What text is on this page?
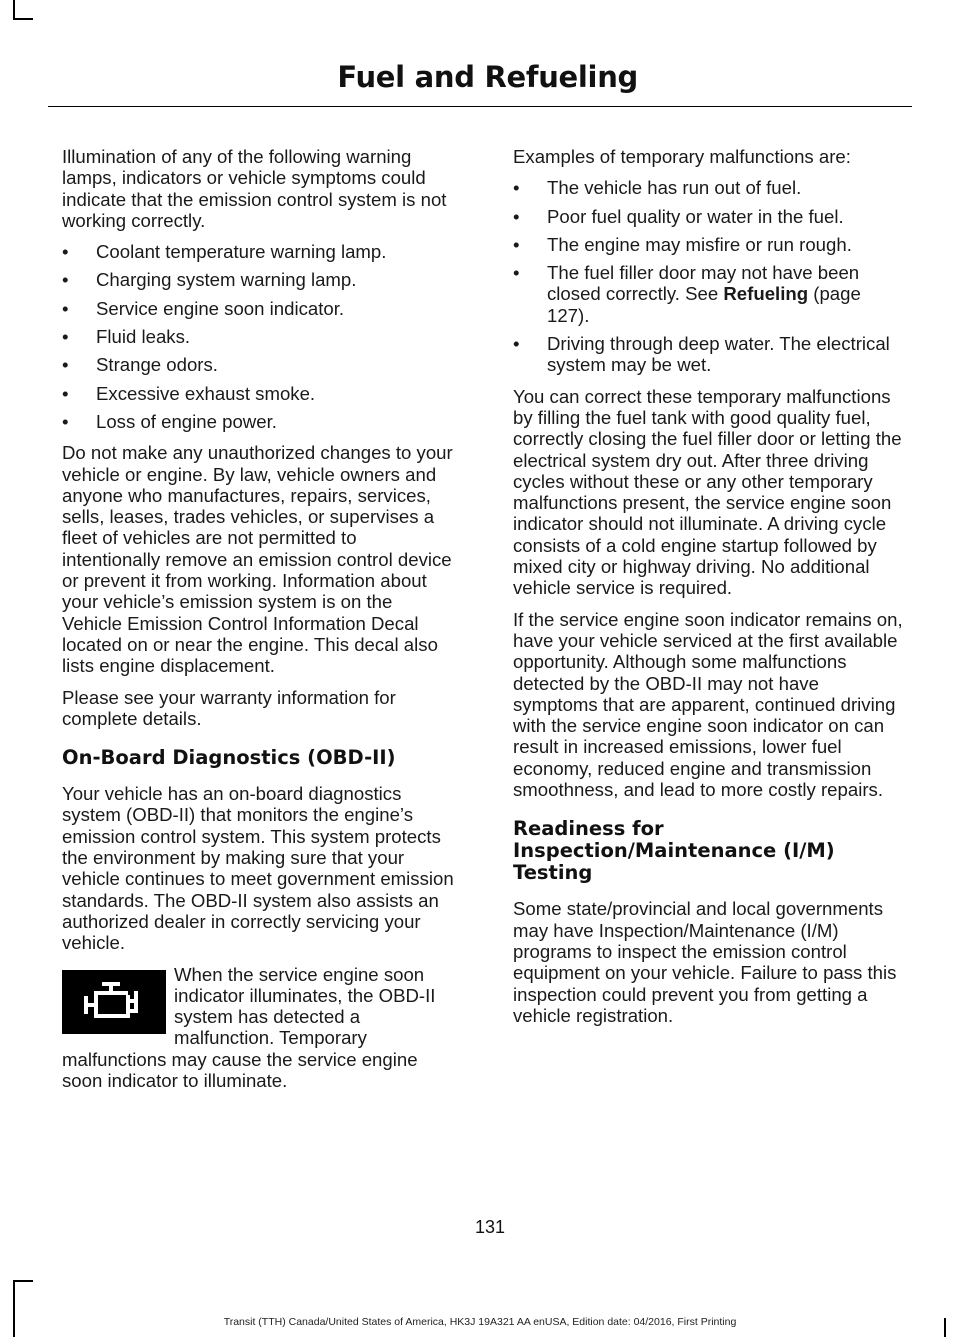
Fuel and Refueling

Illumination of any of the following warning lamps, indicators or vehicle symptoms could indicate that the emission control system is not working correctly.

• Coolant temperature warning lamp.
• Charging system warning lamp.
• Service engine soon indicator.
• Fluid leaks.
• Strange odors.
• Excessive exhaust smoke.
• Loss of engine power.

Do not make any unauthorized changes to your vehicle or engine. By law, vehicle owners and anyone who manufactures, repairs, services, sells, leases, trades vehicles, or supervises a fleet of vehicles are not permitted to intentionally remove an emission control device or prevent it from working. Information about your vehicle’s emission system is on the Vehicle Emission Control Information Decal located on or near the engine. This decal also lists engine displacement.

Please see your warranty information for complete details.

On-Board Diagnostics (OBD-II)

Your vehicle has an on-board diagnostics system (OBD-II) that monitors the engine’s emission control system. This system protects the environment by making sure that your vehicle continues to meet government emission standards. The OBD-II system also assists an authorized dealer in correctly servicing your vehicle.

When the service engine soon indicator illuminates, the OBD-II system has detected a malfunction. Temporary malfunctions may cause the service engine soon indicator to illuminate.

Examples of temporary malfunctions are:

• The vehicle has run out of fuel.
• Poor fuel quality or water in the fuel.
• The engine may misfire or run rough.
• The fuel filler door may not have been closed correctly. See Refueling (page 127).
• Driving through deep water. The electrical system may be wet.

You can correct these temporary malfunctions by filling the fuel tank with good quality fuel, correctly closing the fuel filler door or letting the electrical system dry out. After three driving cycles without these or any other temporary malfunctions present, the service engine soon indicator should not illuminate. A driving cycle consists of a cold engine startup followed by mixed city or highway driving. No additional vehicle service is required.

If the service engine soon indicator remains on, have your vehicle serviced at the first available opportunity. Although some malfunctions detected by the OBD-II may not have symptoms that are apparent, continued driving with the service engine soon indicator on can result in increased emissions, lower fuel economy, reduced engine and transmission smoothness, and lead to more costly repairs.

Readiness for Inspection/Maintenance (I/M) Testing

Some state/provincial and local governments may have Inspection/Maintenance (I/M) programs to inspect the emission control equipment on your vehicle. Failure to pass this inspection could prevent you from getting a vehicle registration.

131
Transit (TTH) Canada/United States of America, HK3J 19A321 AA enUSA, Edition date: 04/2016, First Printing
